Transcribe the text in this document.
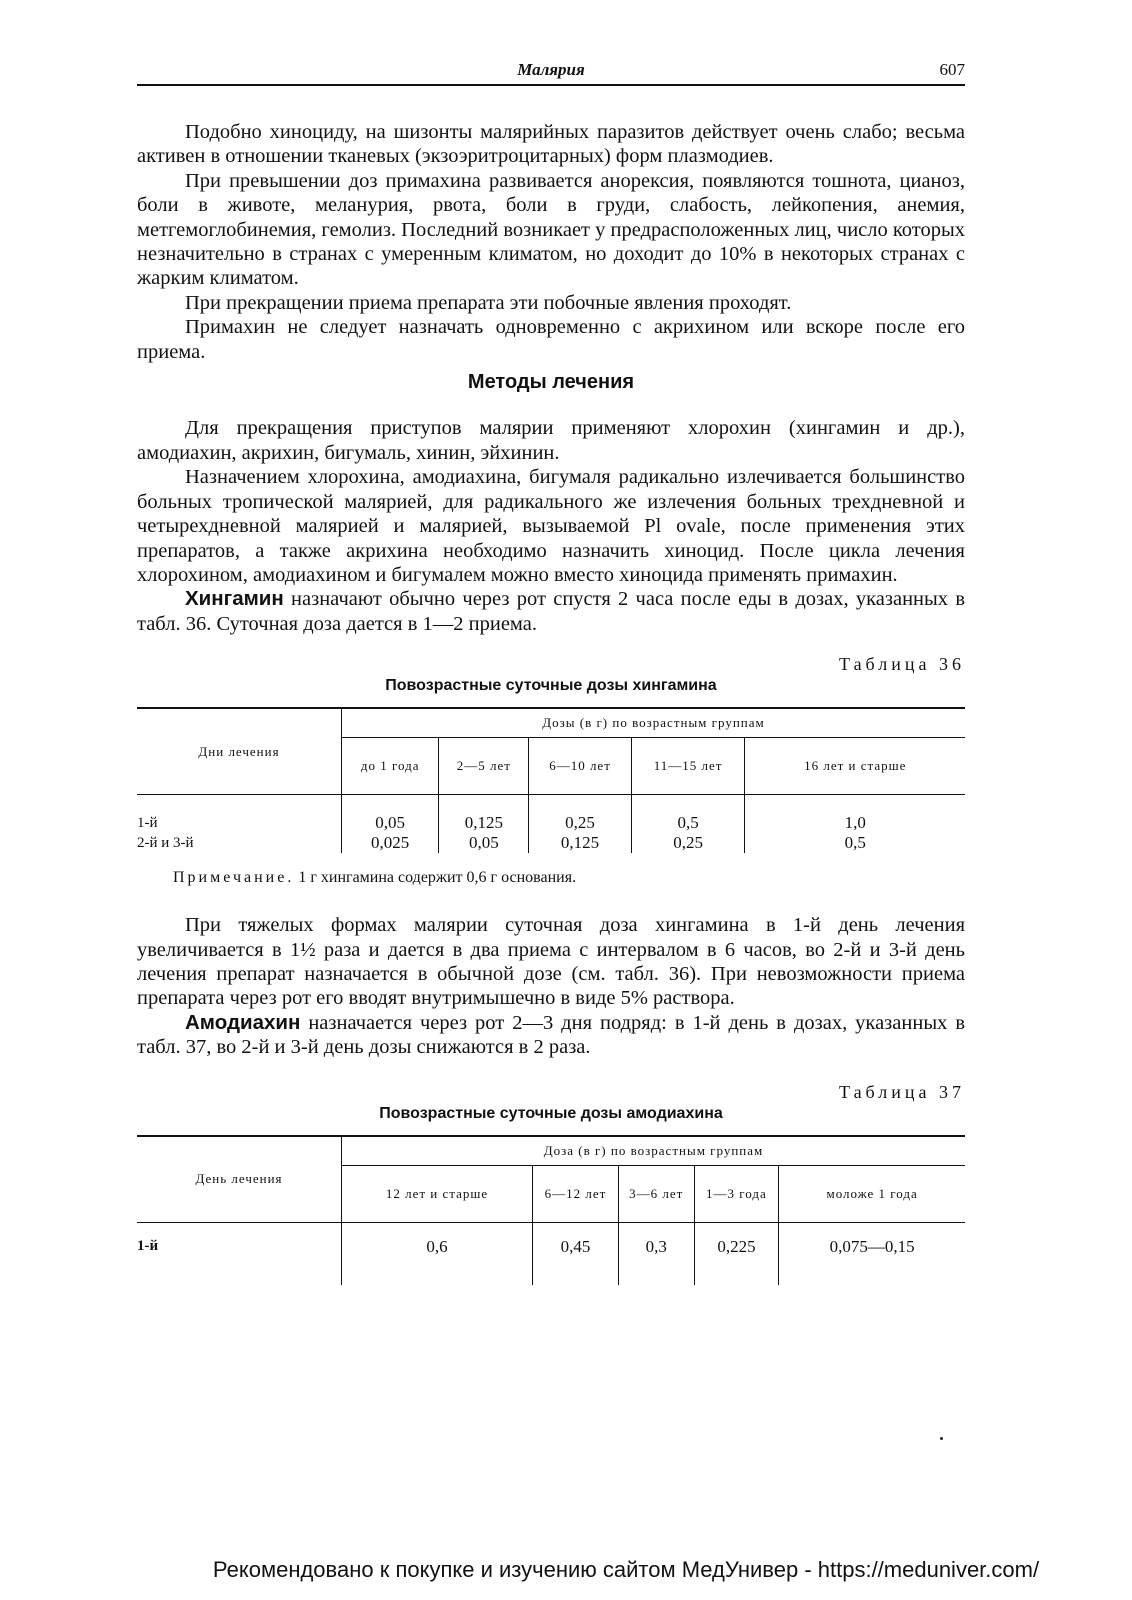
Малярия	607

Подобно хиноциду, на шизонты малярийных паразитов действует очень слабо; весьма активен в отношении тканевых (экзоэритроцитарных) форм плазмодиев.

При превышении доз примахина развивается анорексия, появляются тошнота, цианоз, боли в животе, меланурия, рвота, боли в груди, слабость, лейкопения, анемия, метгемоглобинемия, гемолиз. Последний возникает у предрасположенных лиц, число которых незначительно в странах с умеренным климатом, но доходит до 10% в некоторых странах с жарким климатом.

При прекращении приема препарата эти побочные явления проходят.

Примахин не следует назначать одновременно с акрихином или вскоре после его приема.

Методы лечения

Для прекращения приступов малярии применяют хлорохин (хингамин и др.), амодиахин, акрихин, бигумаль, хинин, эйхинин.

Назначением хлорохина, амодиахина, бигумаля радикально излечивается большинство больных тропической малярией, для радикального же излечения больных трехдневной и четырехдневной малярией и малярией, вызываемой Pl ovale, после применения этих препаратов, а также акрихина необходимо назначить хиноцид. После цикла лечения хлорохином, амодиахином и бигумалем можно вместо хиноцида применять примахин.

Хингамин назначают обычно через рот спустя 2 часа после еды в дозах, указанных в табл. 36. Суточная доза дается в 1—2 приема.

Таблица 36
Повозрастные суточные дозы хингамина
Дни лечения	Дозы (в г) по возрастным группам				
	до 1 года	2—5 лет	6—10 лет	11—15 лет	16 лет и старше

1-й	0,05	0,125	0,25	0,5	1,0
2-й и 3-й	0,025	0,05	0,125	0,25	0,5
Примечание. 1 г хингамина содержит 0,6 г основания.

При тяжелых формах малярии суточная доза хингамина в 1-й день лечения увеличивается в 1½ раза и дается в два приема с интервалом в 6 часов, во 2-й и 3-й день лечения препарат назначается в обычной дозе (см. табл. 36). При невозможности приема препарата через рот его вводят внутримышечно в виде 5% раствора.

Амодиахин назначается через рот 2—3 дня подряд: в 1-й день в дозах, указанных в табл. 37, во 2-й и 3-й день дозы снижаются в 2 раза.

Таблица 37
Повозрастные суточные дозы амодиахина
День лечения	Доза (в г) по возрастным группам				
	12 лет и старше	6—12 лет	3—6 лет	1—3 года	моложе 1 года

1-й	0,6	0,45	0,3	0,225	0,075—0,15

Рекомендовано к покупке и изучению сайтом МедУнивер - https://meduniver.com/
